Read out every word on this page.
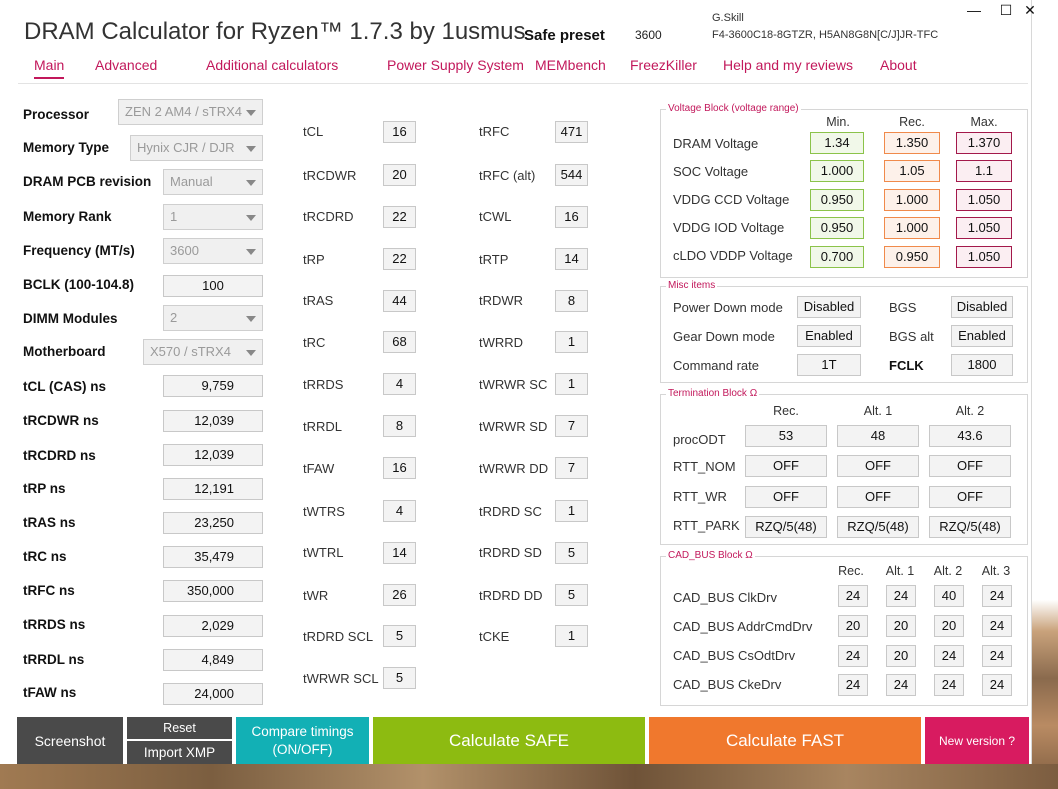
DRAM Calculator for Ryzen™ 1.7.3 by 1usmus
Safe preset	3600
G.Skill
F4-3600C18-8GTZR, H5AN8G8N[C/J]JR-TFC
— ☐ ✕
Main Advanced	Additional calculators	Power Supply System MEMbench FreezKiller Help and my reviews About
Processor	ZEN 2 AM4 / sTRX4
Memory Type	Hynix CJR / DJR
DRAM PCB revision	Manual
Memory Rank	1
Frequency (MT/s)	3600
BCLK (100-104.8)	100
DIMM Modules	2
Motherboard	X570 / sTRX4
tCL (CAS) ns	9,759
tRCDWR ns	12,039
tRCDRD ns	12,039
tRP ns	12,191
tRAS ns	23,250
tRC ns	35,479
tRFC ns	350,000
tRRDS ns	2,029
tRRDL ns	4,849
tFAW ns	24,000
tCL	16
tRCDWR	20
tRCDRD	22
tRP	22
tRAS	44
tRC	68
tRRDS	4
tRRDL	8
tFAW	16
tWTRS	4
tWTRL	14
tWR	26
tRDRD SCL	5
tWRWR SCL	5
tRFC	471
tRFC (alt)	544
tCWL	16
tRTP	14
tRDWR	8
tWRRD	1
tWRWR SC	1
tWRWR SD	7
tWRWR DD	7
tRDRD SC	1
tRDRD SD	5
tRDRD DD	5
tCKE	1
Voltage Block (voltage range)
Min.	Rec.	Max.
DRAM Voltage	1.34	1.350	1.370
SOC Voltage	1.000	1.05	1.1
VDDG CCD Voltage	0.950	1.000	1.050
VDDG IOD Voltage	0.950	1.000	1.050
cLDO VDDP Voltage	0.700	0.950	1.050
Misc items
Power Down mode	Disabled	BGS	Disabled
Gear Down mode	Enabled	BGS alt	Enabled
Command rate	1T	FCLK	1800
Termination Block Ω
Rec.	Alt. 1	Alt. 2
procODT	53	48	43.6
RTT_NOM	OFF	OFF	OFF
RTT_WR	OFF	OFF	OFF
RTT_PARK	RZQ/5(48)	RZQ/5(48)	RZQ/5(48)
CAD_BUS Block Ω
Rec. Alt. 1 Alt. 2 Alt. 3
CAD_BUS ClkDrv	24	24	40	24
CAD_BUS AddrCmdDrv	20	20	20	24
CAD_BUS CsOdtDrv	24	20	24	24
CAD_BUS CkeDrv	24	24	24	24
Screenshot
Reset
Import XMP
Compare timings
(ON/OFF)	Calculate SAFE	Calculate FAST	New version ?
